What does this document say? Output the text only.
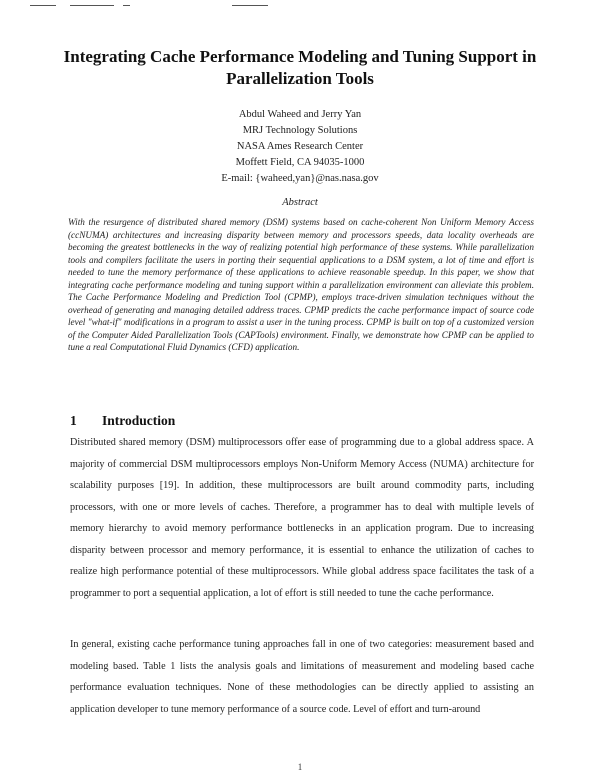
Integrating Cache Performance Modeling and Tuning Support in Parallelization Tools
Abdul Waheed and Jerry Yan
MRJ Technology Solutions
NASA Ames Research Center
Moffett Field, CA 94035-1000
E-mail: {waheed,yan}@nas.nasa.gov
Abstract
With the resurgence of distributed shared memory (DSM) systems based on cache-coherent Non Uniform Memory Access (ccNUMA) architectures and increasing disparity between memory and processors speeds, data locality overheads are becoming the greatest bottlenecks in the way of realizing potential high performance of these systems. While parallelization tools and compilers facilitate the users in porting their sequential applications to a DSM system, a lot of time and effort is needed to tune the memory performance of these applications to achieve reasonable speedup. In this paper, we show that integrating cache performance modeling and tuning support within a parallelization environment can alleviate this problem. The Cache Performance Modeling and Prediction Tool (CPMP), employs trace-driven simulation techniques without the overhead of generating and managing detailed address traces. CPMP predicts the cache performance impact of source code level "what-if" modifications in a program to assist a user in the tuning process. CPMP is built on top of a customized version of the Computer Aided Parallelization Tools (CAPTools) environment. Finally, we demonstrate how CPMP can be applied to tune a real Computational Fluid Dynamics (CFD) application.
1 Introduction
Distributed shared memory (DSM) multiprocessors offer ease of programming due to a global address space. A majority of commercial DSM multiprocessors employs Non-Uniform Memory Access (NUMA) architecture for scalability purposes [19]. In addition, these multiprocessors are built around commodity parts, including processors, with one or more levels of caches. Therefore, a programmer has to deal with multiple levels of memory hierarchy to avoid memory performance bottlenecks in an application program. Due to increasing disparity between processor and memory performance, it is essential to enhance the utilization of caches to realize high performance potential of these multiprocessors. While global address space facilitates the task of a programmer to port a sequential application, a lot of effort is still needed to tune the cache performance.
In general, existing cache performance tuning approaches fall in one of two categories: measurement based and modeling based. Table 1 lists the analysis goals and limitations of measurement and modeling based cache performance evaluation techniques. None of these methodologies can be directly applied to assisting an application developer to tune memory performance of a source code. Level of effort and turn-around
1
